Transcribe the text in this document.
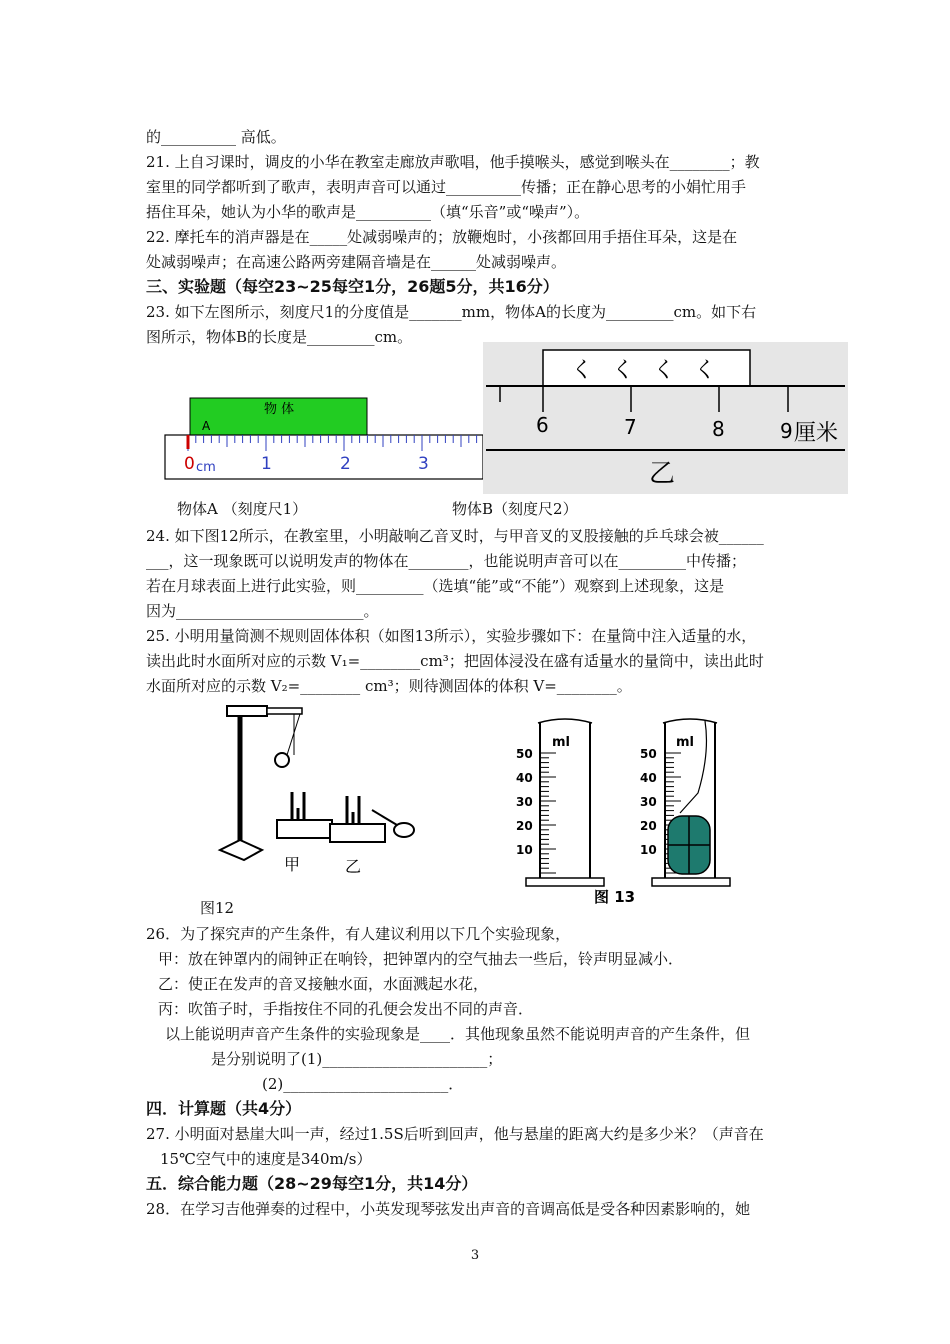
的__________ 高低。
21. 上自习课时，调皮的小华在教室走廊放声歌唱，他手摸喉头，感觉到喉头在________；教
室里的同学都听到了歌声，表明声音可以通过__________传播；正在静心思考的小娟忙用手
捂住耳朵，她认为小华的歌声是__________（填“乐音”或“噪声”）。
22. 摩托车的消声器是在_____处减弱噪声的；放鞭炮时，小孩都回用手捂住耳朵，这是在
处减弱噪声；在高速公路两旁建隔音墙是在______处减弱噪声。
三、实验题（每空23~25每空1分，26题5分，共16分）
23. 如下左图所示，刻度尺1的分度值是_______mm，物体A的长度为_________cm。如下右
图所示，物体B的长度是_________cm。
物 体
A
0 cm	1	2	3
く く く く
6	7	8	9 厘米
乙
物体A （刻度尺1）	物体B（刻度尺2）
24. 如下图12所示，在教室里，小明敲响乙音叉时，与甲音叉的叉股接触的乒乓球会被______
___，这一现象既可以说明发声的物体在________，也能说明声音可以在_________中传播；
若在月球表面上进行此实验，则_________（选填“能”或“不能”）观察到上述现象，这是
因为_________________________。
25. 小明用量筒测不规则固体体积（如图13所示），实验步骤如下：在量筒中注入适量的水，
读出此时水面所对应的示数 V₁=________cm³；把固体浸没在盛有适量水的量筒中，读出此时
水面所对应的示数 V₂=________ cm³；则待测固体的体积 V=________。
甲	乙
图12
ml
50
40
30
20
10
ml
50
40
30
20
10
图 13
26．为了探究声的产生条件，有人建议利用以下几个实验现象，
甲：放在钟罩内的闹钟正在响铃，把钟罩内的空气抽去一些后，铃声明显减小．
乙：使正在发声的音叉接触水面，水面溅起水花，
丙：吹笛子时，手指按住不同的孔便会发出不同的声音．
以上能说明声音产生条件的实验现象是____．其他现象虽然不能说明声音的产生条件，但
是分别说明了(1)______________________；
(2)______________________．
四．计算题（共4分）
27. 小明面对悬崖大叫一声，经过1.5S后听到回声，他与悬崖的距离大约是多少米？（声音在
15℃空气中的速度是340m/s）
五．综合能力题（28~29每空1分，共14分）
28．在学习吉他弹奏的过程中，小英发现琴弦发出声音的音调高低是受各种因素影响的，她
3
